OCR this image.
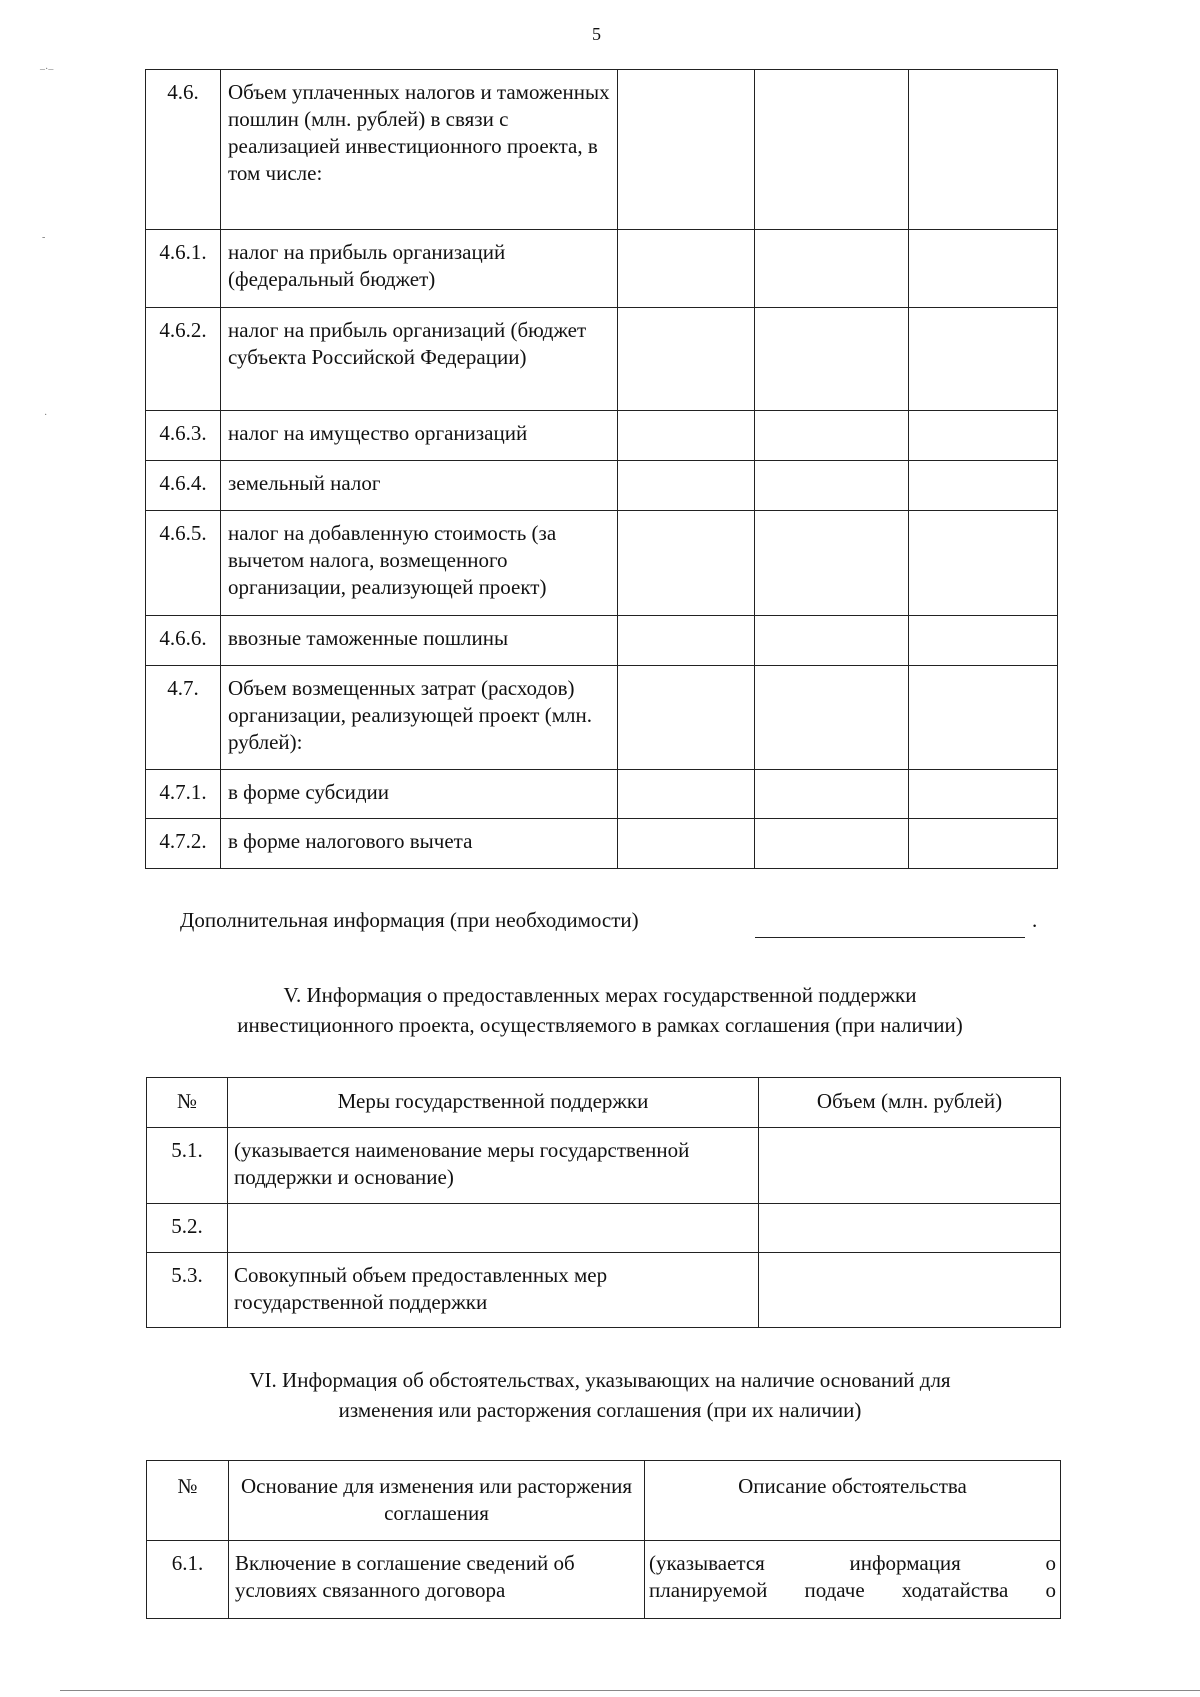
5
–·–
-
·
4.6.	Объем уплаченных налогов и таможенных пошлин (млн. рублей) в связи с реализацией инвестиционного проекта, в том числе:			
4.6.1.	налог на прибыль организаций (федеральный бюджет)			
4.6.2.	налог на прибыль организаций (бюджет субъекта Российской Федерации)			
4.6.3.	налог на имущество организаций			
4.6.4.	земельный налог			
4.6.5.	налог на добавленную стоимость (за вычетом налога, возмещенного организации, реализующей проект)			
4.6.6.	ввозные таможенные пошлины			
4.7.	Объем возмещенных затрат (расходов) организации, реализующей проект (млн. рублей):			
4.7.1.	в форме субсидии			
4.7.2.	в форме налогового вычета			
Дополнительная информация (при необходимости)	.
V. Информация о предоставленных мерах государственной поддержки
инвестиционного проекта, осуществляемого в рамках соглашения (при наличии)
№	Меры государственной поддержки	Объем (млн. рублей)
5.1.	(указывается наименование меры государственной поддержки и основание)	
5.2.		
5.3.	Совокупный объем предоставленных мер государственной поддержки	
VI. Информация об обстоятельствах, указывающих на наличие оснований для
изменения или расторжения соглашения (при их наличии)
№	Основание для изменения или расторжения соглашения	Описание обстоятельства
6.1.	Включение в соглашение сведений об условиях связанного договора	(указывается информация о
планируемой подаче ходатайства о
